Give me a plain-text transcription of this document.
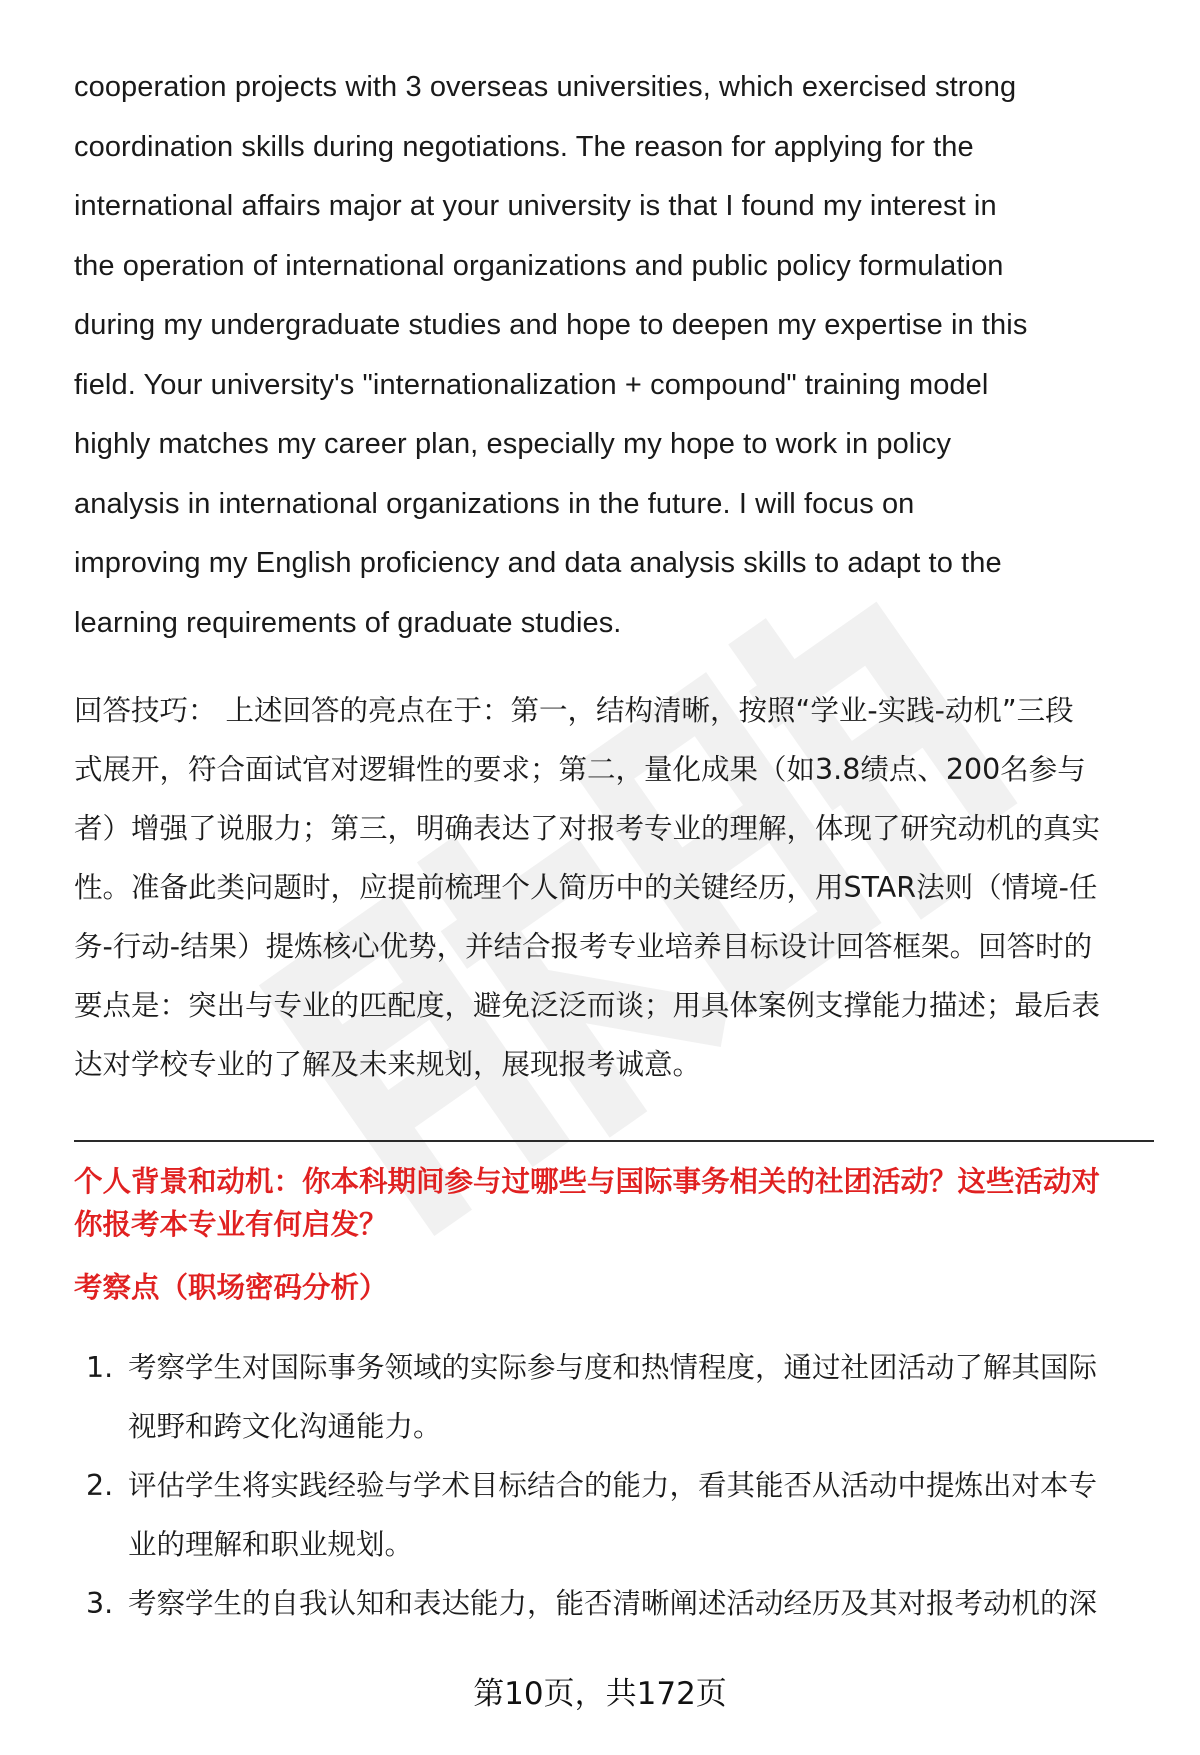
cooperation projects with 3 overseas universities, which exercised strong
coordination skills during negotiations. The reason for applying for the
international affairs major at your university is that I found my interest in
the operation of international organizations and public policy formulation
during my undergraduate studies and hope to deepen my expertise in this
field. Your university's "internationalization + compound" training model
highly matches my career plan, especially my hope to work in policy
analysis in international organizations in the future. I will focus on
improving my English proficiency and data analysis skills to adapt to the
learning requirements of graduate studies.
回答技巧： 上述回答的亮点在于：第一，结构清晰，按照“学业-实践-动机”三段
式展开，符合面试官对逻辑性的要求；第二，量化成果（如3.8绩点、200名参与
者）增强了说服力；第三，明确表达了对报考专业的理解，体现了研究动机的真实
性。准备此类问题时，应提前梳理个人简历中的关键经历，用STAR法则（情境-任
务-行动-结果）提炼核心优势，并结合报考专业培养目标设计回答框架。回答时的
要点是：突出与专业的匹配度，避免泛泛而谈；用具体案例支撑能力描述；最后表
达对学校专业的了解及未来规划，展现报考诚意。
个人背景和动机：你本科期间参与过哪些与国际事务相关的社团活动？这些活动对
你报考本专业有何启发？
考察点（职场密码分析）
1. 考察学生对国际事务领域的实际参与度和热情程度，通过社团活动了解其国际
视野和跨文化沟通能力。
2. 评估学生将实践经验与学术目标结合的能力，看其能否从活动中提炼出对本专
业的理解和职业规划。
3. 考察学生的自我认知和表达能力，能否清晰阐述活动经历及其对报考动机的深
第10页，共172页
